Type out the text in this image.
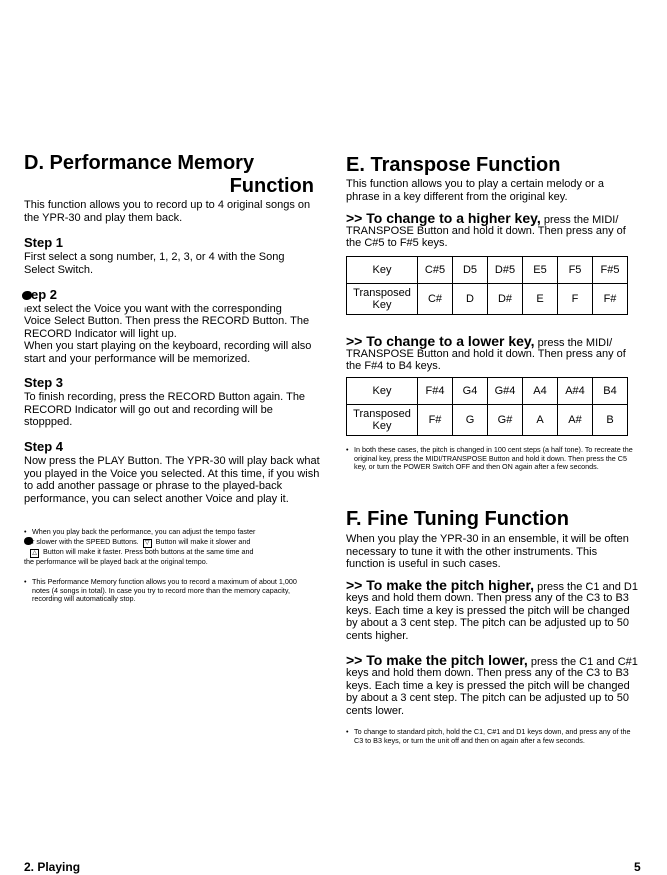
D. Performance Memory

Function

This function allows you to record up to 4 original songs on the YPR-30 and play them back.

Step 1

First select a song number, 1, 2, 3, or 4 with the Song Select Switch.

ep 2

ıext select the Voice you want with the corresponding

Voice Select Button. Then press the RECORD Button. The RECORD Indicator will light up.

When you start playing on the keyboard, recording will also start and your performance will be memorized.

Step 3

To finish recording, press the RECORD Button again. The RECORD Indicator will go out and recording will be stoppped.

Step 4

Now press the PLAY Button. The YPR-30 will play back what you played in the Voice you selected. At this time, if you wish to add another passage or phrase to the played-back performance, you can select another Voice and play it.

• When you play back the performance, you can adjust the tempo faster

r slower with the SPEED Buttons. ▽ Button will make it slower and

△ Button will make it faster. Press both buttons at the same time and

the performance will be played back at the original tempo.

• This Performance Memory function allows you to record a maximum of about 1,000 notes (4 songs in total). In case you try to record more than the memory capacity, recording will automatically stop.

E. Transpose Function

This function allows you to play a certain melody or a phrase in a key different from the original key.

>> To change to a higher key, press the MIDI/

TRANSPOSE Button and hold it down. Then press any of

the C#5 to F#5 keys.

Key	C#5	D5	D#5	E5	F5	F#5
Transposed
Key	C#	D	D#	E	F	F#

>> To change to a lower key, press the MIDI/

TRANSPOSE Button and hold it down. Then press any of

the F#4 to B4 keys.

Key	F#4	G4	G#4	A4	A#4	B4
Transposed
Key	F#	G	G#	A	A#	B

• In both these cases, the pitch is changed in 100 cent steps (a half tone). To recreate the original key, press the MIDI/TRANSPOSE Button and hold it down. Then press the C5 key, or turn the POWER Switch OFF and then ON again after a few seconds.

F. Fine Tuning Function

When you play the YPR-30 in an ensemble, it will be often necessary to tune it with the other instruments. This function is useful in such cases.

>> To make the pitch higher, press the C1 and D1

keys and hold them down. Then press any of the C3 to B3 keys. Each time a key is pressed the pitch will be changed by about a 3 cent step. The pitch can be adjusted up to 50 cents higher.

>> To make the pitch lower, press the C1 and C#1

keys and hold them down. Then press any of the C3 to B3 keys. Each time a key is pressed the pitch will be changed by about a 3 cent step. The pitch can be adjusted up to 50 cents lower.

• To change to standard pitch, hold the C1, C#1 and D1 keys down, and press any of the C3 to B3 keys, or turn the unit off and then on again after a few seconds.

2. Playing	5
